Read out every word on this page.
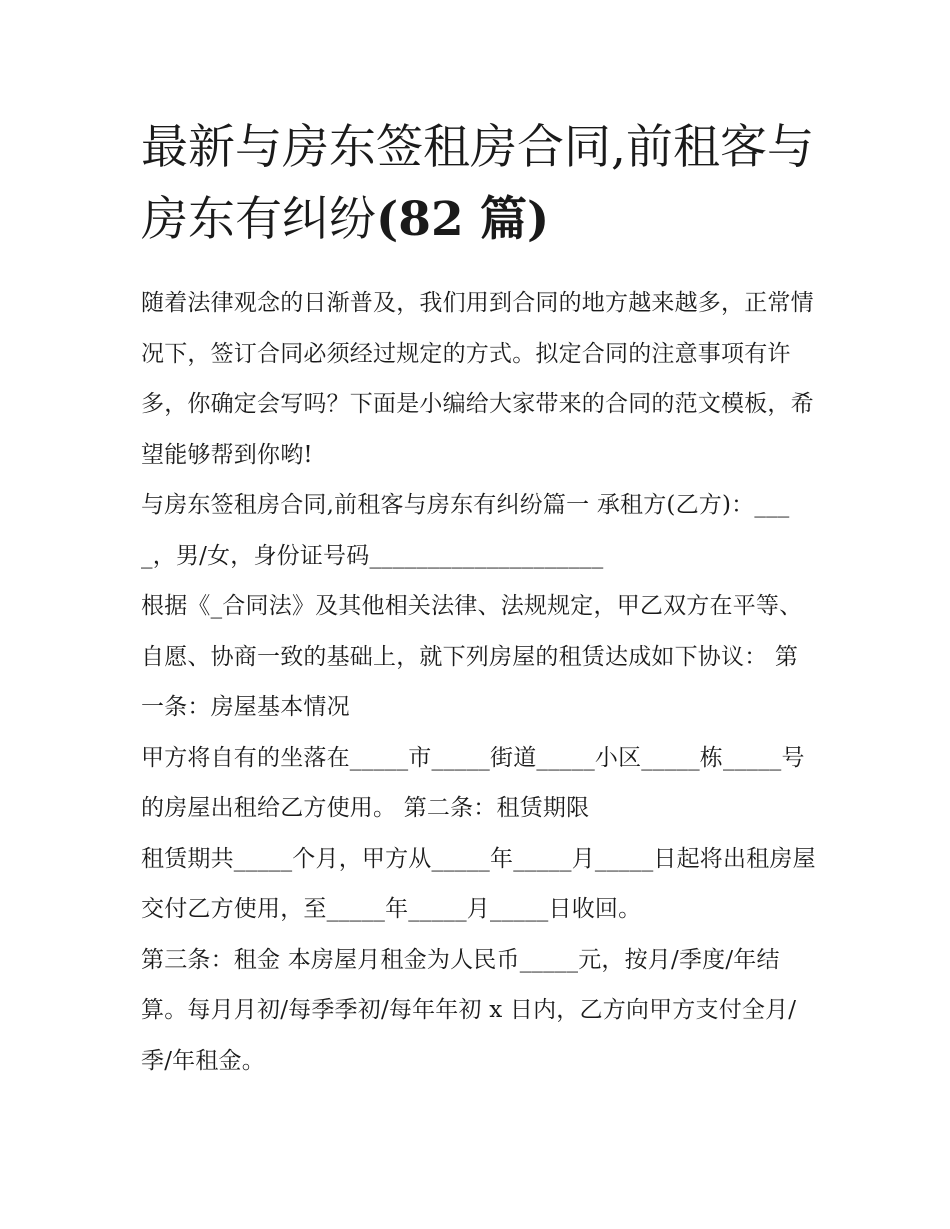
最新与房东签租房合同,前租客与房东有纠纷(82 篇)

随着法律观念的日渐普及，我们用到合同的地方越来越多，正常情况下，签订合同必须经过规定的方式。拟定合同的注意事项有许多，你确定会写吗？下面是小编给大家带来的合同的范文模板，希望能够帮到你哟!

与房东签租房合同,前租客与房东有纠纷篇一 承租方(乙方)：____，男/女，身份证号码____________________

根据《_合同法》及其他相关法律、法规规定，甲乙双方在平等、自愿、协商一致的基础上，就下列房屋的租赁达成如下协议： 第一条：房屋基本情况

甲方将自有的坐落在_____市_____街道_____小区_____栋_____号的房屋出租给乙方使用。 第二条：租赁期限

租赁期共_____个月，甲方从_____年_____月_____日起将出租房屋交付乙方使用，至_____年_____月_____日收回。

第三条：租金 本房屋月租金为人民币_____元，按月/季度/年结算。每月月初/每季季初/每年年初 x 日内，乙方向甲方支付全月/季/年租金。
